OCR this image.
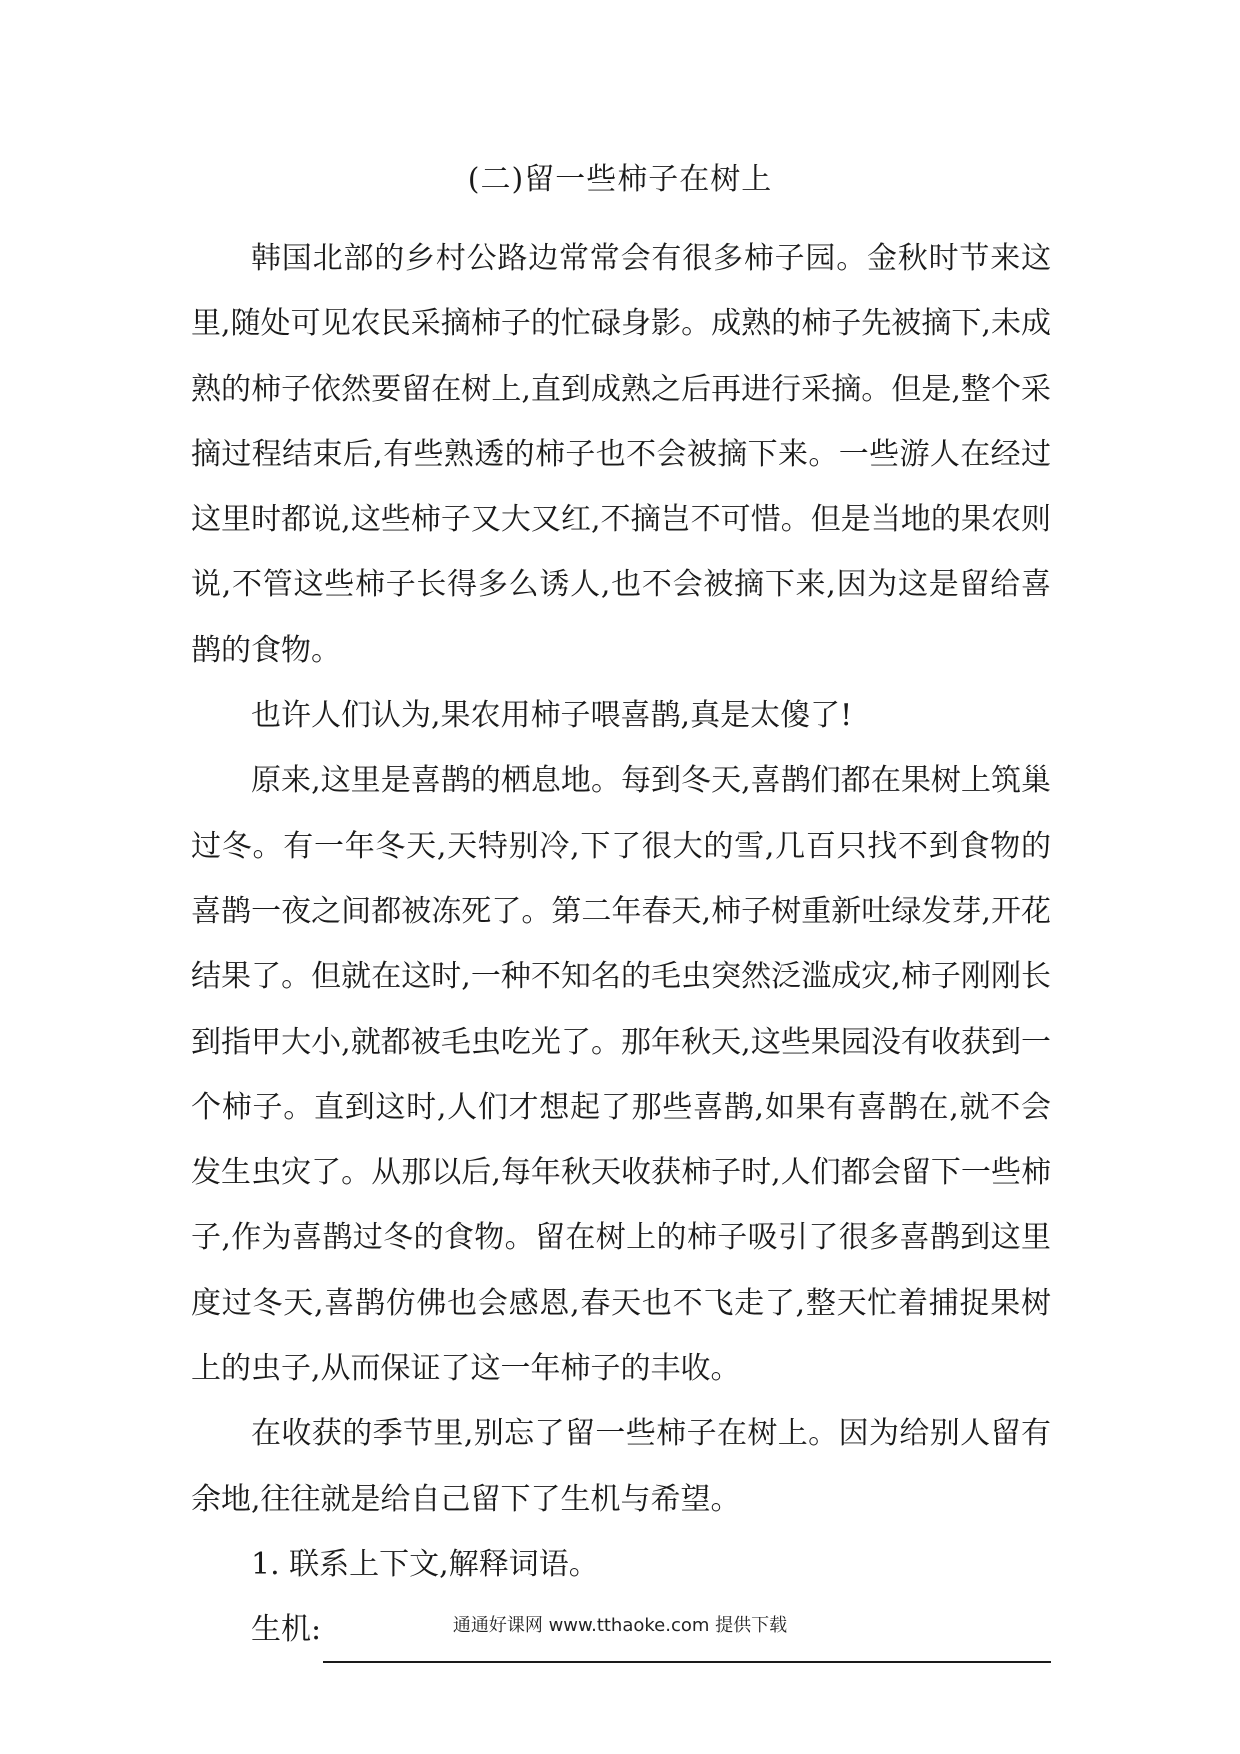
(二)留一些柿子在树上

韩国北部的乡村公路边常常会有很多柿子园。金秋时节来这里,随处可见农民采摘柿子的忙碌身影。成熟的柿子先被摘下,未成熟的柿子依然要留在树上,直到成熟之后再进行采摘。但是,整个采摘过程结束后,有些熟透的柿子也不会被摘下来。一些游人在经过这里时都说,这些柿子又大又红,不摘岂不可惜。但是当地的果农则说,不管这些柿子长得多么诱人,也不会被摘下来,因为这是留给喜鹊的食物。

也许人们认为,果农用柿子喂喜鹊,真是太傻了!

原来,这里是喜鹊的栖息地。每到冬天,喜鹊们都在果树上筑巢过冬。有一年冬天,天特别冷,下了很大的雪,几百只找不到食物的喜鹊一夜之间都被冻死了。第二年春天,柿子树重新吐绿发芽,开花结果了。但就在这时,一种不知名的毛虫突然泛滥成灾,柿子刚刚长到指甲大小,就都被毛虫吃光了。那年秋天,这些果园没有收获到一个柿子。直到这时,人们才想起了那些喜鹊,如果有喜鹊在,就不会发生虫灾了。从那以后,每年秋天收获柿子时,人们都会留下一些柿子,作为喜鹊过冬的食物。留在树上的柿子吸引了很多喜鹊到这里度过冬天,喜鹊仿佛也会感恩,春天也不飞走了,整天忙着捕捉果树上的虫子,从而保证了这一年柿子的丰收。

在收获的季节里,别忘了留一些柿子在树上。因为给别人留有余地,往往就是给自己留下了生机与希望。

1. 联系上下文,解释词语。

生机:	通通好课网 www.tthaoke.com 提供下载
